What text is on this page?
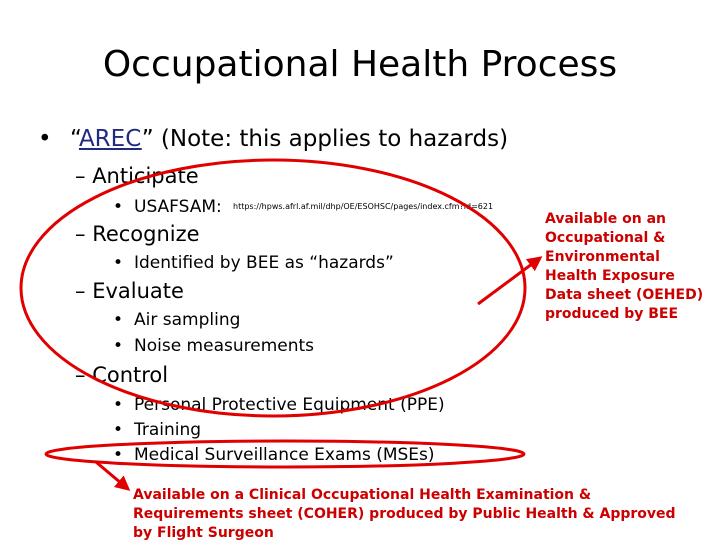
Occupational Health Process
• “AREC” (Note: this applies to hazards)
– Anticipate
• USAFSAM: https://hpws.afrl.af.mil/dhp/OE/ESOHSC/pages/index.cfm?id=621
– Recognize
• Identified by BEE as “hazards”
– Evaluate
• Air sampling
• Noise measurements
– Control
• Personal Protective Equipment (PPE)
• Training
• Medical Surveillance Exams (MSEs)
Available on an Occupational & Environmental Health Exposure Data sheet (OEHED) produced by BEE
Available on a Clinical Occupational Health Examination & Requirements sheet (COHER) produced by Public Health & Approved by Flight Surgeon
